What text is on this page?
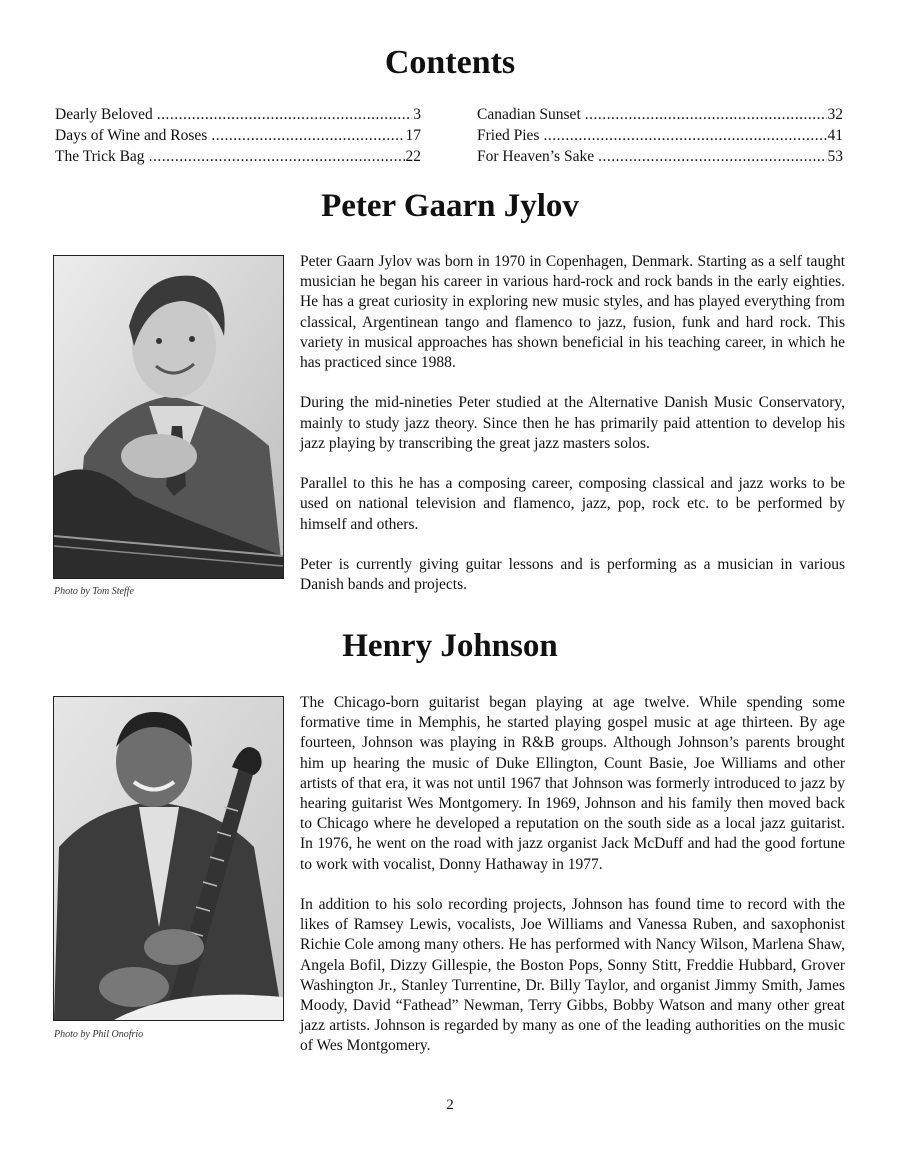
Contents
Dearly Beloved .....	3
Days of Wine and Roses .....	17
The Trick Bag .....	22
Canadian Sunset .....	32
Fried Pies .....	41
For Heaven’s Sake .....	53
Peter Gaarn Jylov
Photo by Tom Steffe

Peter Gaarn Jylov was born in 1970 in Copenhagen, Denmark. Starting as a self taught musician he began his career in various hard-rock and rock bands in the early eighties. He has a great curiosity in exploring new music styles, and has played everything from classical, Argentinean tango and flamenco to jazz, fusion, funk and hard rock. This variety in musical approaches has shown beneficial in his teaching career, in which he has practiced since 1988.

During the mid-nineties Peter studied at the Alternative Danish Music Conservatory, mainly to study jazz theory. Since then he has primarily paid attention to develop his jazz playing by transcribing the great jazz masters solos.

Parallel to this he has a composing career, composing classical and jazz works to be used on national television and flamenco, jazz, pop, rock etc. to be performed by himself and others.

Peter is currently giving guitar lessons and is performing as a musician in various Danish bands and projects.

Henry Johnson
Photo by Phil Onofrio

The Chicago-born guitarist began playing at age twelve. While spending some formative time in Memphis, he started playing gospel music at age thirteen. By age fourteen, Johnson was playing in R&B groups. Although Johnson’s parents brought him up hearing the music of Duke Ellington, Count Basie, Joe Williams and other artists of that era, it was not until 1967 that Johnson was formerly introduced to jazz by hearing guitarist Wes Montgomery. In 1969, Johnson and his family then moved back to Chicago where he developed a reputation on the south side as a local jazz guitarist. In 1976, he went on the road with jazz organist Jack McDuff and had the good fortune to work with vocalist, Donny Hathaway in 1977.

In addition to his solo recording projects, Johnson has found time to record with the likes of Ramsey Lewis, vocalists, Joe Williams and Vanessa Ruben, and saxophonist Richie Cole among many others. He has performed with Nancy Wilson, Marlena Shaw, Angela Bofil, Dizzy Gillespie, the Boston Pops, Sonny Stitt, Freddie Hubbard, Grover Washington Jr., Stanley Turrentine, Dr. Billy Taylor, and organist Jimmy Smith, James Moody, David “Fathead” Newman, Terry Gibbs, Bobby Watson and many other great jazz artists. Johnson is regarded by many as one of the leading authorities on the music of Wes Montgomery.

2
